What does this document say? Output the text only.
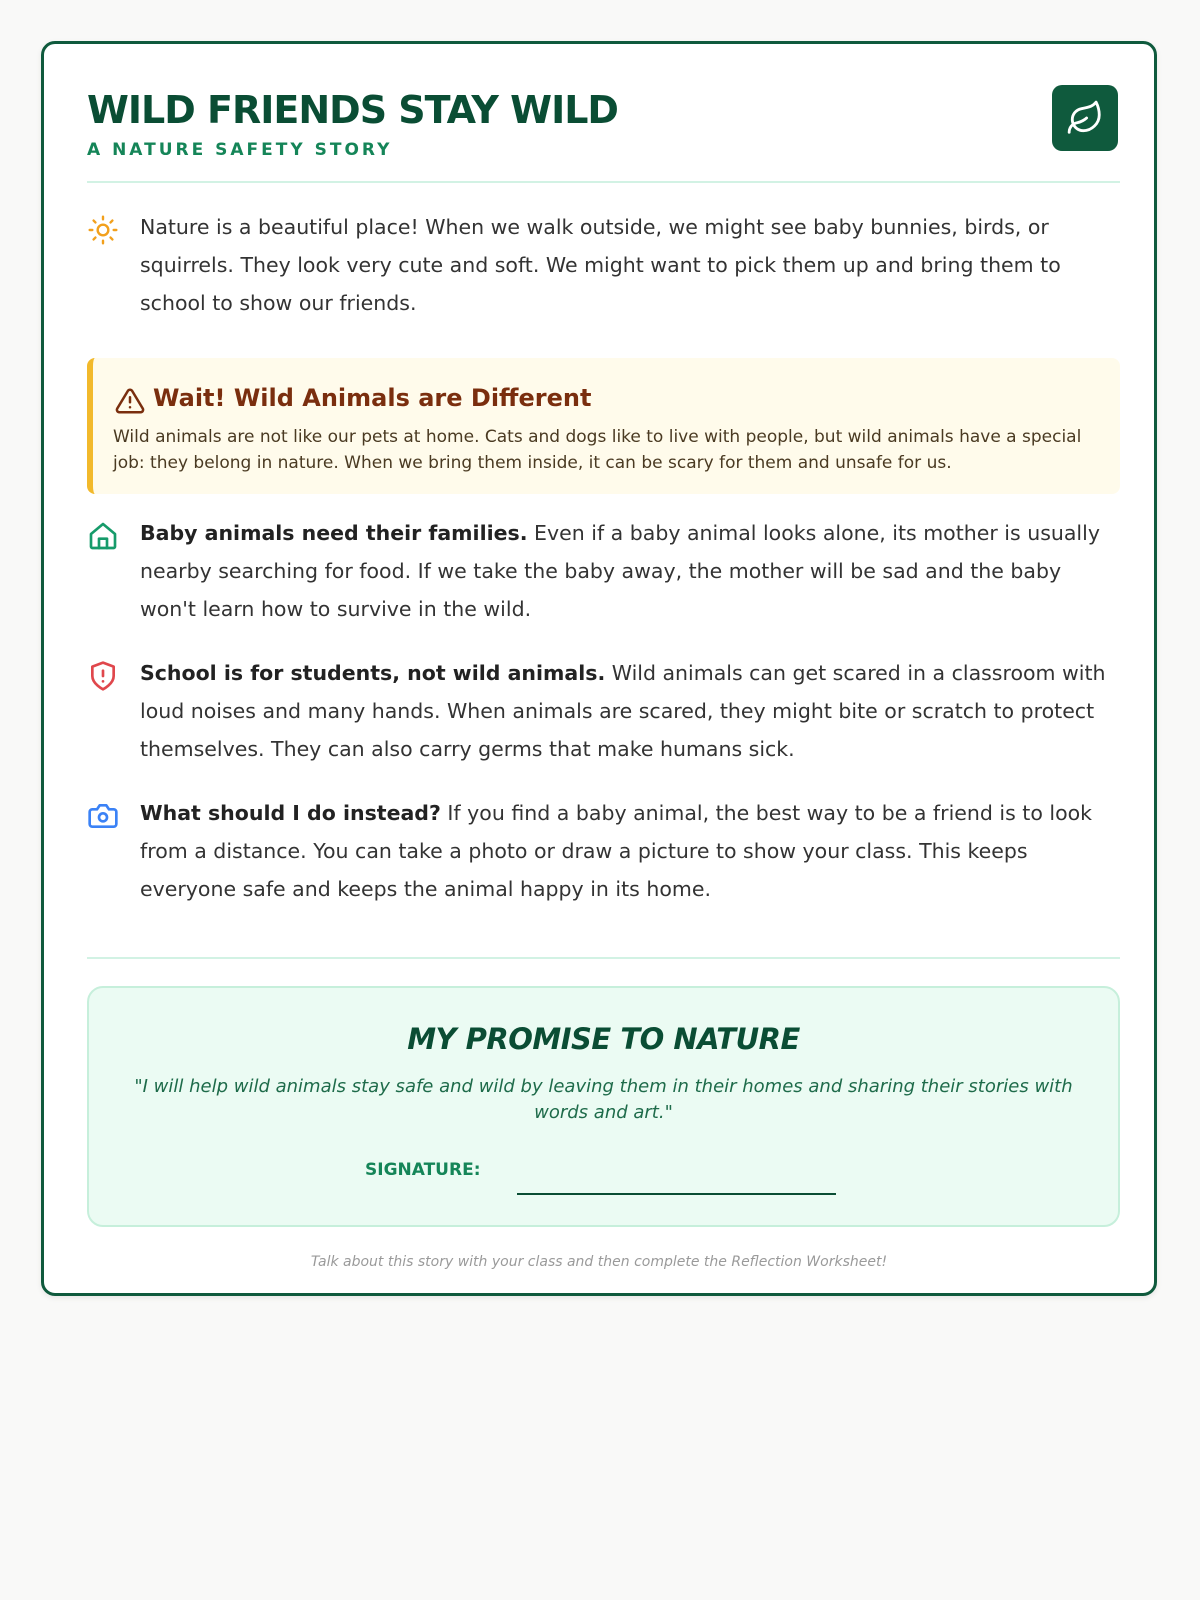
WILD FRIENDS STAY WILD
A NATURE SAFETY STORY

Nature is a beautiful place! When we walk outside, we might see baby bunnies, birds, or squirrels. They look very cute and soft. We might want to pick them up and bring them to school to show our friends.

Wait! Wild Animals are Different

Wild animals are not like our pets at home. Cats and dogs like to live with people, but wild animals have a special job: they belong in nature. When we bring them inside, it can be scary for them and unsafe for us.

Baby animals need their families. Even if a baby animal looks alone, its mother is usually nearby searching for food. If we take the baby away, the mother will be sad and the baby won't learn how to survive in the wild.

School is for students, not wild animals. Wild animals can get scared in a classroom with loud noises and many hands. When animals are scared, they might bite or scratch to protect themselves. They can also carry germs that make humans sick.

What should I do instead? If you find a baby animal, the best way to be a friend is to look from a distance. You can take a photo or draw a picture to show your class. This keeps everyone safe and keeps the animal happy in its home.

MY PROMISE TO NATURE

"I will help wild animals stay safe and wild by leaving them in their homes and sharing their stories with words and art."

SIGNATURE:
Talk about this story with your class and then complete the Reflection Worksheet!
